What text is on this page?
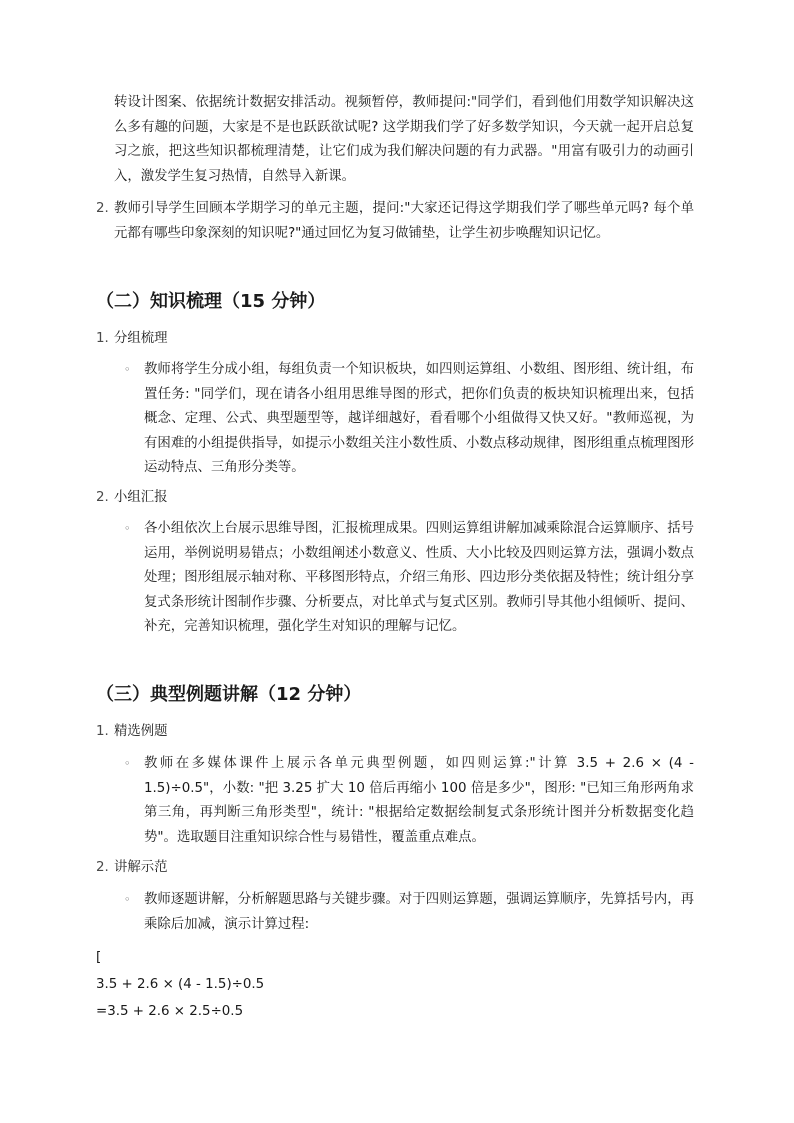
转设计图案、依据统计数据安排活动。视频暂停，教师提问:"同学们，看到他们用数学知识解决这么多有趣的问题，大家是不是也跃跃欲试呢? 这学期我们学了好多数学知识，今天就一起开启总复习之旅，把这些知识都梳理清楚，让它们成为我们解决问题的有力武器。"用富有吸引力的动画引入，激发学生复习热情，自然导入新课。

2. 教师引导学生回顾本学期学习的单元主题，提问:"大家还记得这学期我们学了哪些单元吗? 每个单元都有哪些印象深刻的知识呢?"通过回忆为复习做铺垫，让学生初步唤醒知识记忆。

（二）知识梳理（15 分钟）
1. 分组梳理
◦ 教师将学生分成小组，每组负责一个知识板块，如四则运算组、小数组、图形组、统计组，布置任务: "同学们，现在请各小组用思维导图的形式，把你们负责的板块知识梳理出来，包括概念、定理、公式、典型题型等，越详细越好，看看哪个小组做得又快又好。"教师巡视，为有困难的小组提供指导，如提示小数组关注小数性质、小数点移动规律，图形组重点梳理图形运动特点、三角形分类等。

2. 小组汇报
◦ 各小组依次上台展示思维导图，汇报梳理成果。四则运算组讲解加减乘除混合运算顺序、括号运用，举例说明易错点；小数组阐述小数意义、性质、大小比较及四则运算方法，强调小数点处理；图形组展示轴对称、平移图形特点，介绍三角形、四边形分类依据及特性；统计组分享复式条形统计图制作步骤、分析要点，对比单式与复式区别。教师引导其他小组倾听、提问、补充，完善知识梳理，强化学生对知识的理解与记忆。

（三）典型例题讲解（12 分钟）
1. 精选例题
◦ 教师在多媒体课件上展示各单元典型例题，如四则运算:"计算 3.5 + 2.6 × (4 - 1.5)÷0.5"，小数: "把 3.25 扩大 10 倍后再缩小 100 倍是多少"，图形: "已知三角形两角求第三角，再判断三角形类型"，统计: "根据给定数据绘制复式条形统计图并分析数据变化趋势"。选取题目注重知识综合性与易错性，覆盖重点难点。

2. 讲解示范
◦ 教师逐题讲解，分析解题思路与关键步骤。对于四则运算题，强调运算顺序，先算括号内，再乘除后加减，演示计算过程:

[
3.5 + 2.6 × (4 - 1.5)÷0.5
=3.5 + 2.6 × 2.5÷0.5
